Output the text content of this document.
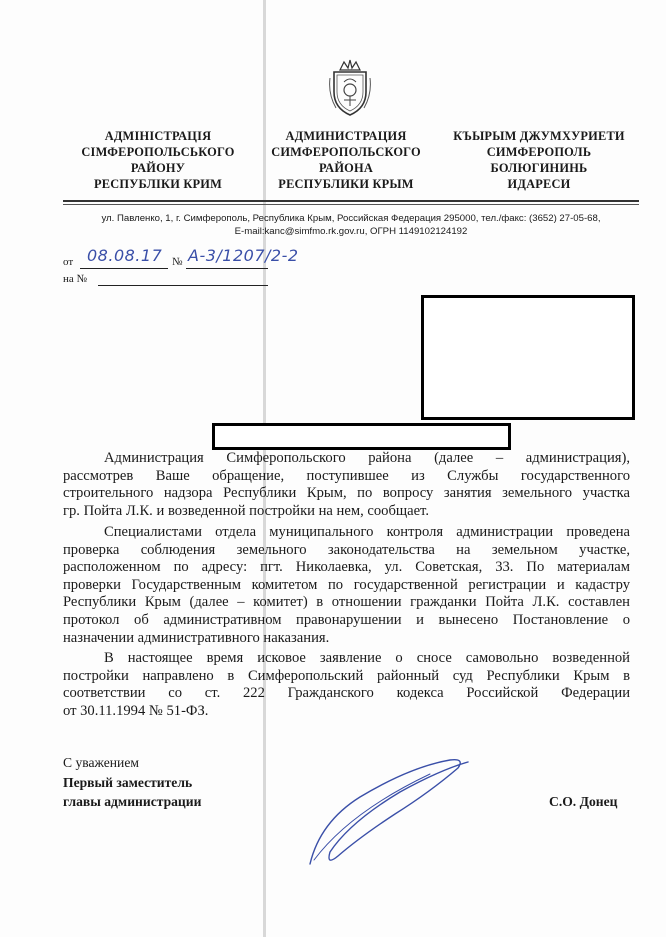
АДМІНІСТРАЦІЯ
СІМФЕРОПОЛЬСЬКОГО
РАЙОНУ
РЕСПУБЛІКИ КРИМ
АДМИНИСТРАЦИЯ
СИМФЕРОПОЛЬСКОГО
РАЙОНА
РЕСПУБЛИКИ КРЫМ
КЪЫРЫМ ДЖУМХУРИЕТИ
СИМФЕРОПОЛЬ
БОЛЮГИНИНЬ
ИДАРЕСИ
ул. Павленко, 1, г. Симферополь, Республика Крым, Российская Федерация 295000, тел./факс: (3652) 27-05-68,
E-mail:kanc@simfmo.rk.gov.ru, ОГРН 1149102124192
от 08.08.17 № А-3/1207/2-2
на №
Администрация Симферопольского района (далее – администрация),
рассмотрев Ваше обращение, поступившее из Службы государственного
строительного надзора Республики Крым, по вопросу занятия земельного участка
гр. Пойта Л.К. и возведенной постройки на нем, сообщает.
Специалистами отдела муниципального контроля администрации проведена
проверка соблюдения земельного законодательства на земельном участке,
расположенном по адресу: пгт. Николаевка, ул. Советская, 33. По материалам
проверки Государственным комитетом по государственной регистрации и кадастру
Республики Крым (далее – комитет) в отношении гражданки Пойта Л.К. составлен
протокол об административном правонарушении и вынесено Постановление о
назначении административного наказания.
В настоящее время исковое заявление о сносе самовольно возведенной
постройки направлено в Симферопольский районный суд Республики Крым в
соответствии со ст. 222 Гражданского кодекса Российской Федерации
от 30.11.1994 № 51-ФЗ.
С уважением
Первый заместитель
главы администрации	С.О. Донец
